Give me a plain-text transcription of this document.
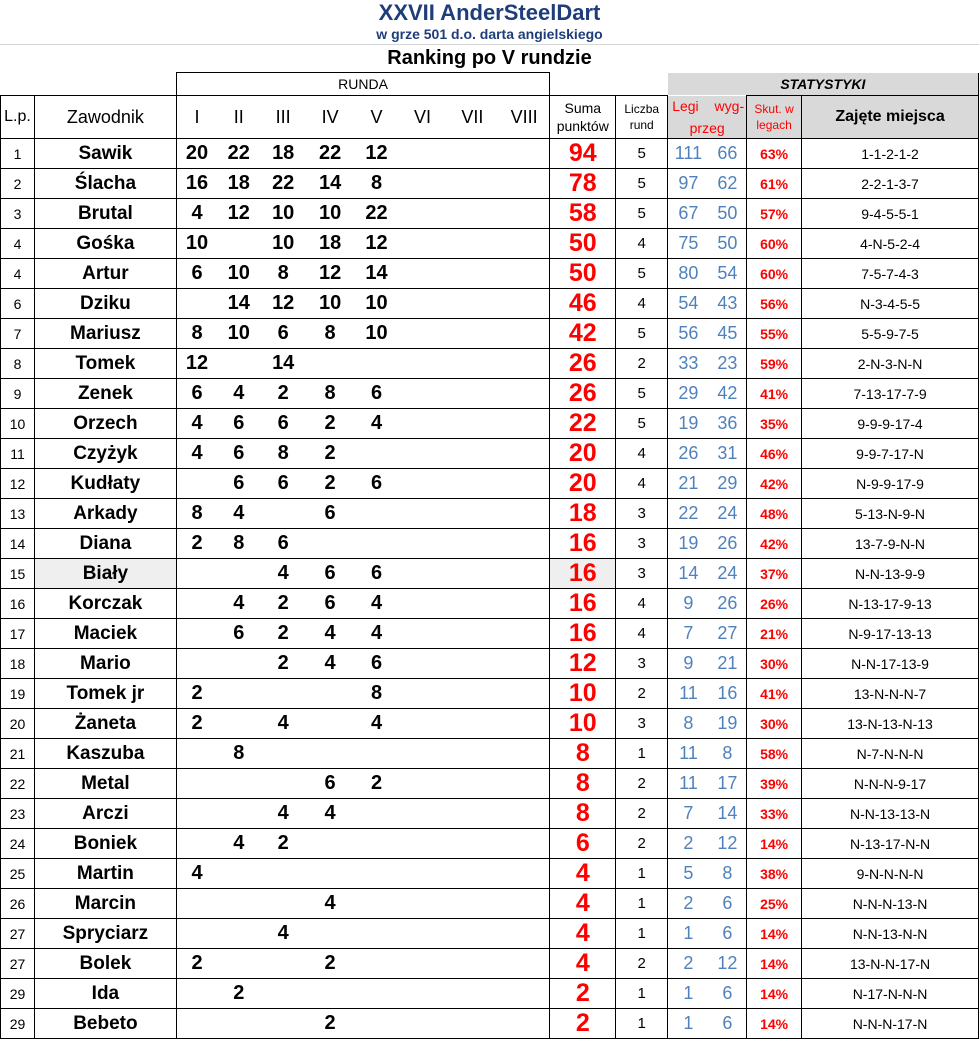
XXVII AnderSteelDart
w grze 501 d.o. darta angielskiego
Ranking po V rundzie
		RUNDA										STATYSTYKI			
L.p.	Zawodnik	I	II	III	IV	V	VI	VII	VIII	Suma punktów	Liczba rund	Legi wyg-
przeg		Skut. w legach	Zajęte miejsca
1	Sawik	20	22	18	22	12				94	5	111	66	63%	1-1-2-1-2
2	Ślacha	16	18	22	14	8				78	5	97	62	61%	2-2-1-3-7
3	Brutal	4	12	10	10	22				58	5	67	50	57%	9-4-5-5-1
4	Gośka	10		10	18	12				50	4	75	50	60%	4-N-5-2-4
4	Artur	6	10	8	12	14				50	5	80	54	60%	7-5-7-4-3
6	Dziku		14	12	10	10				46	4	54	43	56%	N-3-4-5-5
7	Mariusz	8	10	6	8	10				42	5	56	45	55%	5-5-9-7-5
8	Tomek	12		14						26	2	33	23	59%	2-N-3-N-N
9	Zenek	6	4	2	8	6				26	5	29	42	41%	7-13-17-7-9
10	Orzech	4	6	6	2	4				22	5	19	36	35%	9-9-9-17-4
11	Czyżyk	4	6	8	2					20	4	26	31	46%	9-9-7-17-N
12	Kudłaty		6	6	2	6				20	4	21	29	42%	N-9-9-17-9
13	Arkady	8	4		6					18	3	22	24	48%	5-13-N-9-N
14	Diana	2	8	6						16	3	19	26	42%	13-7-9-N-N
15	Biały			4	6	6				16	3	14	24	37%	N-N-13-9-9
16	Korczak		4	2	6	4				16	4	9	26	26%	N-13-17-9-13
17	Maciek		6	2	4	4				16	4	7	27	21%	N-9-17-13-13
18	Mario			2	4	6				12	3	9	21	30%	N-N-17-13-9
19	Tomek jr	2				8				10	2	11	16	41%	13-N-N-N-7
20	Żaneta	2		4		4				10	3	8	19	30%	13-N-13-N-13
21	Kaszuba		8							8	1	11	8	58%	N-7-N-N-N
22	Metal				6	2				8	2	11	17	39%	N-N-N-9-17
23	Arczi			4	4					8	2	7	14	33%	N-N-13-13-N
24	Boniek		4	2						6	2	2	12	14%	N-13-17-N-N
25	Martin	4								4	1	5	8	38%	9-N-N-N-N
26	Marcin				4					4	1	2	6	25%	N-N-N-13-N
27	Spryciarz			4						4	1	1	6	14%	N-N-13-N-N
27	Bolek	2			2					4	2	2	12	14%	13-N-N-17-N
29	Ida		2							2	1	1	6	14%	N-17-N-N-N
29	Bebeto				2					2	1	1	6	14%	N-N-N-17-N
